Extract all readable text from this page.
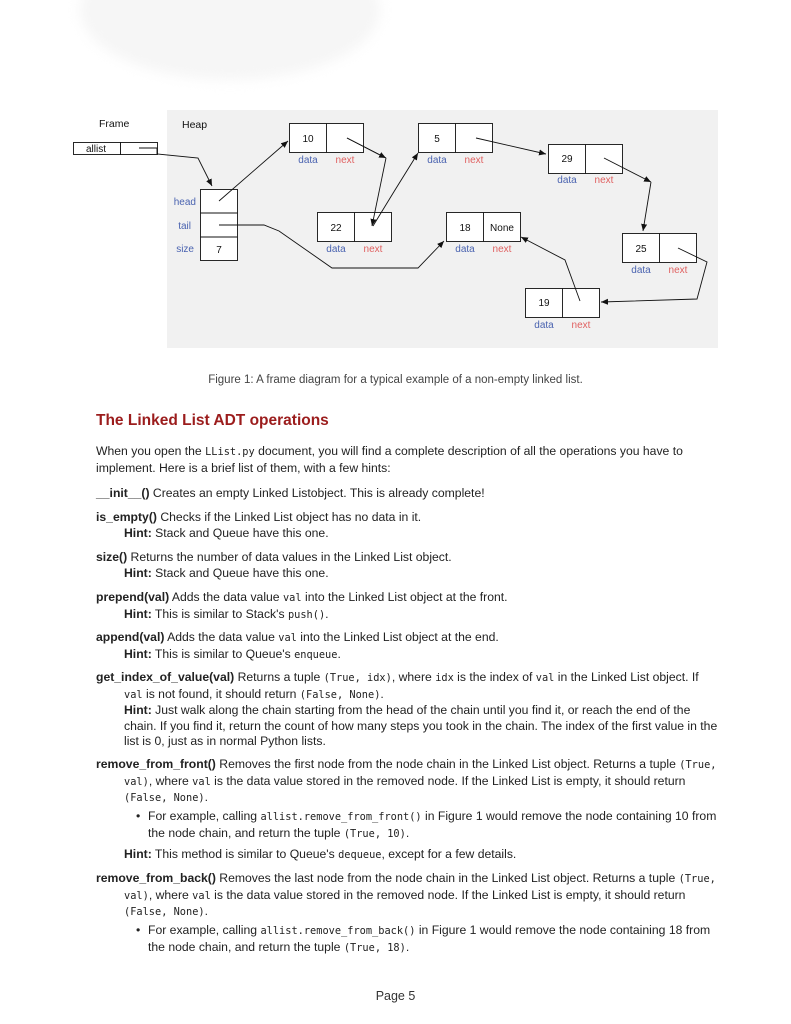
Frame	Heap
allist
head
tail
size 7
10
data next
5
data next	29
data next
22
data next
18 None
data next	25
data next
19
data next
Figure 1: A frame diagram for a typical example of a non-empty linked list.
The Linked List ADT operations
When you open the LList.py document, you will find a complete description of all the operations you have to implement. Here is a brief list of them, with a few hints:
__init__() Creates an empty Linked Listobject. This is already complete!
is_empty() Checks if the Linked List object has no data in it.
Hint: Stack and Queue have this one.
size() Returns the number of data values in the Linked List object.
Hint: Stack and Queue have this one.
prepend(val) Adds the data value val into the Linked List object at the front.
Hint: This is similar to Stack's push().
append(val) Adds the data value val into the Linked List object at the end.
Hint: This is similar to Queue's enqueue.
get_index_of_value(val) Returns a tuple (True, idx), where idx is the index of val in the Linked List object. If val is not found, it should return (False, None).
Hint: Just walk along the chain starting from the head of the chain until you find it, or reach the end of the chain. If you find it, return the count of how many steps you took in the chain. The index of the first value in the list is 0, just as in normal Python lists.
remove_from_front() Removes the first node from the node chain in the Linked List object. Returns a tuple (True, val), where val is the data value stored in the removed node. If the Linked List is empty, it should return (False, None).
• For example, calling allist.remove_from_front() in Figure 1 would remove the node containing 10 from the node chain, and return the tuple (True, 10).
Hint: This method is similar to Queue's dequeue, except for a few details.
remove_from_back() Removes the last node from the node chain in the Linked List object. Returns a tuple (True, val), where val is the data value stored in the removed node. If the Linked List is empty, it should return (False, None).
• For example, calling allist.remove_from_back() in Figure 1 would remove the node containing 18 from the node chain, and return the tuple (True, 18).
Page 5
